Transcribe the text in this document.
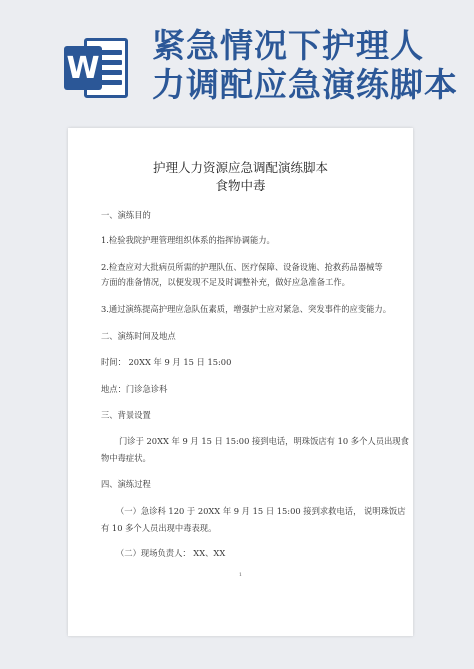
W
紧急情况下护理人
力调配应急演练脚本
护理人力资源应急调配演练脚本
食物中毒
一、演练目的
1.检验我院护理管理组织体系的指挥协调能力。
2.检查应对大批病员所需的护理队伍、医疗保障、设备设施、抢救药品器械等
方面的准备情况，以便发现不足及时调整补充，做好应急准备工作。
3.通过演练提高护理应急队伍素质，增强护士应对紧急、突发事件的应变能力。
二、演练时间及地点
时间： 20XX 年 9 月 15 日 15:00
地点：门诊急诊科
三、背景设置
门诊于 20XX 年 9 月 15 日 15:00 接到电话，明珠饭店有 10 多个人员出现食
物中毒症状。
四、演练过程
（一）急诊科 120 于 20XX 年 9 月 15 日 15:00 接到求救电话， 说明珠饭店
有 10 多个人员出现中毒表现。
（二）现场负责人： XX、XX
1
